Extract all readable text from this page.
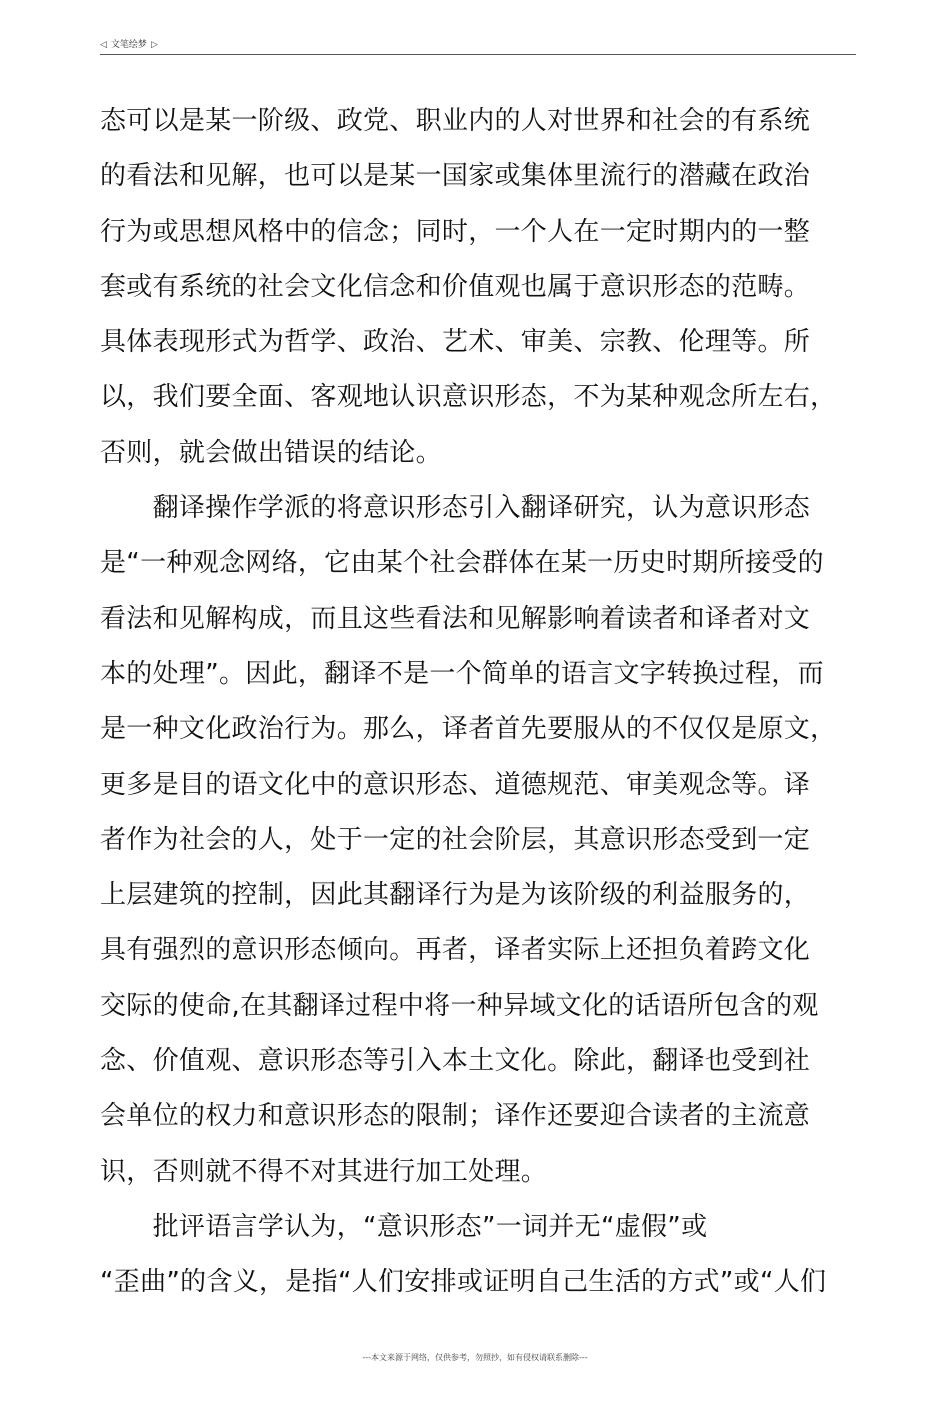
◁ 文笔绘梦 ▷
态可以是某一阶级、政党、职业内的人对世界和社会的有系统
的看法和见解，也可以是某一国家或集体里流行的潜藏在政治
行为或思想风格中的信念；同时，一个人在一定时期内的一整
套或有系统的社会文化信念和价值观也属于意识形态的范畴。
具体表现形式为哲学、政治、艺术、审美、宗教、伦理等。所
以，我们要全面、客观地认识意识形态，不为某种观念所左右，
否则，就会做出错误的结论。
　　翻译操作学派的将意识形态引入翻译研究，认为意识形态
是“一种观念网络，它由某个社会群体在某一历史时期所接受的
看法和见解构成，而且这些看法和见解影响着读者和译者对文
本的处理”。因此，翻译不是一个简单的语言文字转换过程，而
是一种文化政治行为。那么，译者首先要服从的不仅仅是原文，
更多是目的语文化中的意识形态、道德规范、审美观念等。译
者作为社会的人，处于一定的社会阶层，其意识形态受到一定
上层建筑的控制，因此其翻译行为是为该阶级的利益服务的，
具有强烈的意识形态倾向。再者，译者实际上还担负着跨文化
交际的使命,在其翻译过程中将一种异域文化的话语所包含的观
念、价值观、意识形态等引入本土文化。除此，翻译也受到社
会单位的权力和意识形态的限制；译作还要迎合读者的主流意
识，否则就不得不对其进行加工处理。
　　批评语言学认为，“意识形态”一词并无“虚假”或
“歪曲”的含义，是指“人们安排或证明自己生活的方式”或“人们
---本文来源于网络，仅供参考，勿照抄，如有侵权请联系删除---
